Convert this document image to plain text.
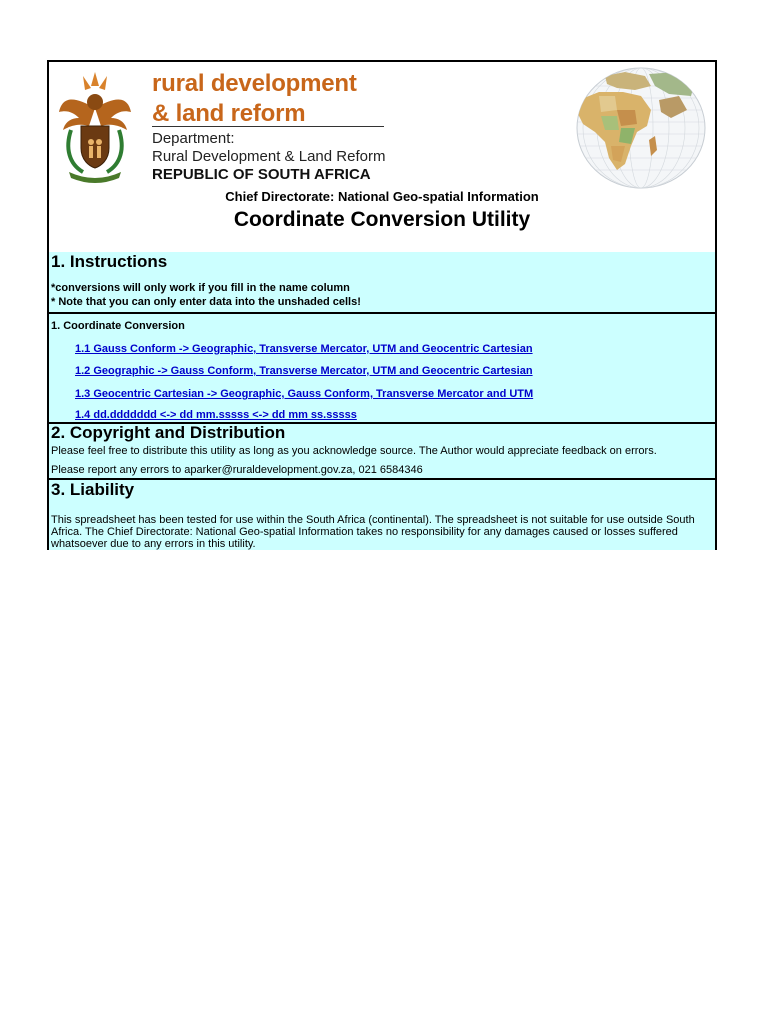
rural development
& land reform
Department:
Rural Development & Land Reform
REPUBLIC OF SOUTH AFRICA
Chief Directorate: National Geo-spatial Information
Coordinate Conversion Utility
1. Instructions
*conversions will only work if you fill in the name column
* Note that you can only enter data into the unshaded cells!
1. Coordinate Conversion
1.1 Gauss Conform -> Geographic, Transverse Mercator, UTM and Geocentric Cartesian
1.2 Geographic -> Gauss Conform, Transverse Mercator, UTM and Geocentric Cartesian
1.3 Geocentric Cartesian -> Geographic, Gauss Conform, Transverse Mercator and UTM
1.4 dd.ddddddd <-> dd mm.sssss <-> dd mm ss.sssss
2. Copyright and Distribution
Please feel free to distribute this utility as long as you acknowledge source. The Author would appreciate feedback on errors.
Please report any errors to aparker@ruraldevelopment.gov.za, 021 6584346
3. Liability
This spreadsheet has been tested for use within the South Africa (continental). The spreadsheet is not suitable for use outside South Africa. The Chief Directorate: National Geo-spatial Information takes no responsibility for any damages caused or losses suffered whatsoever due to any errors in this utility.
